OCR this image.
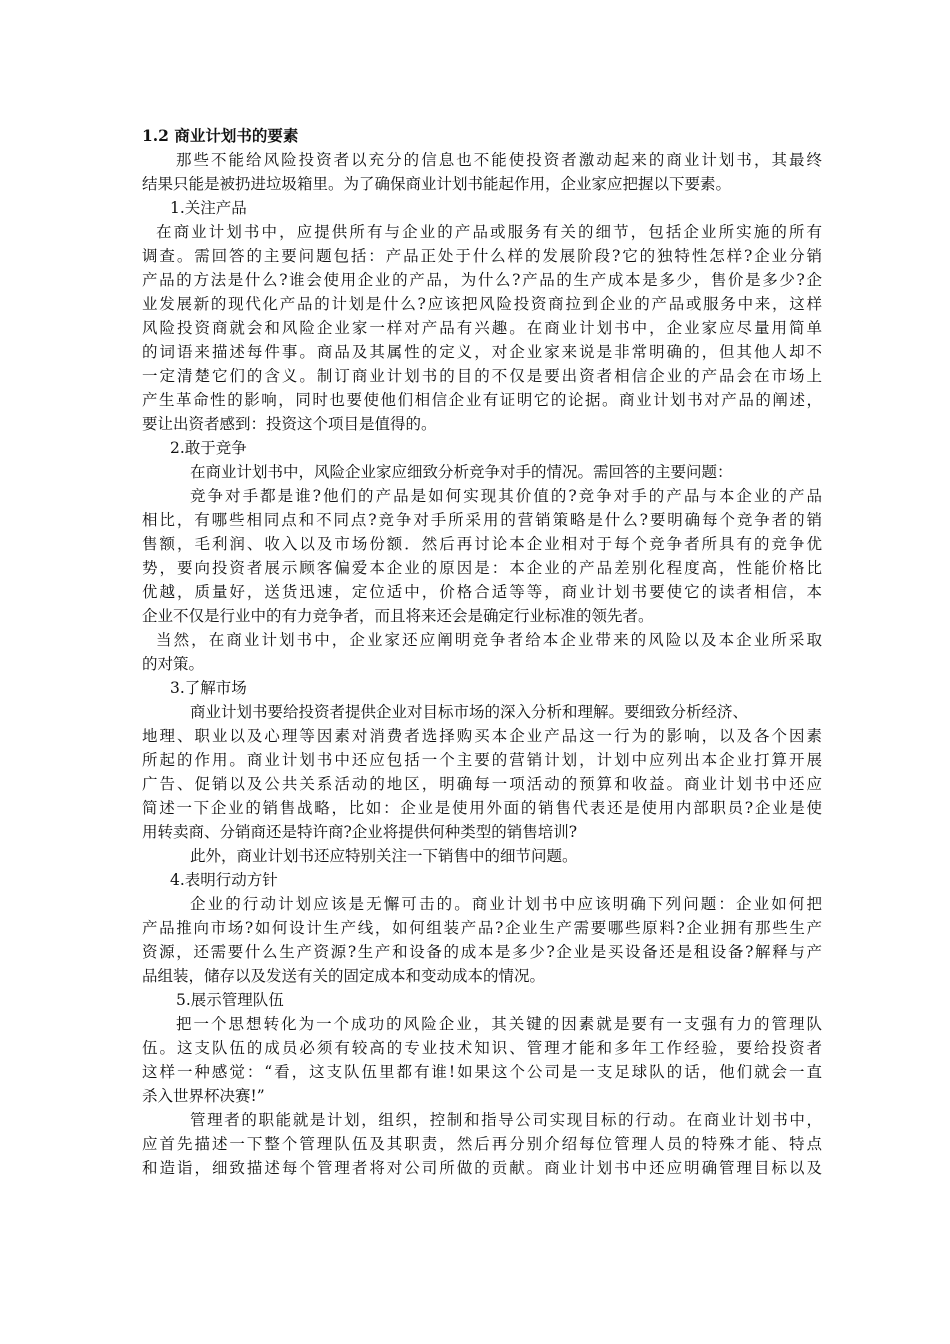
1.2 商业计划书的要素
那些不能给风险投资者以充分的信息也不能使投资者激动起来的商业计划书，其最终
结果只能是被扔进垃圾箱里。为了确保商业计划书能起作用，企业家应把握以下要素。
1.关注产品
在商业计划书中，应提供所有与企业的产品或服务有关的细节，包括企业所实施的所有
调查。需回答的主要问题包括：产品正处于什么样的发展阶段?它的独特性怎样?企业分销
产品的方法是什么?谁会使用企业的产品，为什么?产品的生产成本是多少，售价是多少?企
业发展新的现代化产品的计划是什么?应该把风险投资商拉到企业的产品或服务中来，这样
风险投资商就会和风险企业家一样对产品有兴趣。在商业计划书中，企业家应尽量用简单
的词语来描述每件事。商品及其属性的定义，对企业家来说是非常明确的，但其他人却不
一定清楚它们的含义。制订商业计划书的目的不仅是要出资者相信企业的产品会在市场上
产生革命性的影响，同时也要使他们相信企业有证明它的论据。商业计划书对产品的阐述，
要让出资者感到：投资这个项目是值得的。
2.敢于竞争
在商业计划书中，风险企业家应细致分析竞争对手的情况。需回答的主要问题：
竞争对手都是谁?他们的产品是如何实现其价值的?竞争对手的产品与本企业的产品
相比，有哪些相同点和不同点?竞争对手所采用的营销策略是什么?要明确每个竞争者的销
售额，毛利润、收入以及市场份额．然后再讨论本企业相对于每个竞争者所具有的竞争优
势，要向投资者展示顾客偏爱本企业的原因是：本企业的产品差别化程度高，性能价格比
优越，质量好，送货迅速，定位适中，价格合适等等，商业计划书要使它的读者相信，本
企业不仅是行业中的有力竞争者，而且将来还会是确定行业标准的领先者。
当然，在商业计划书中，企业家还应阐明竞争者给本企业带来的风险以及本企业所采取
的对策。
3.了解市场
商业计划书要给投资者提供企业对目标市场的深入分析和理解。要细致分析经济、
地理、职业以及心理等因素对消费者选择购买本企业产品这一行为的影响，以及各个因素
所起的作用。商业计划书中还应包括一个主要的营销计划，计划中应列出本企业打算开展
广告、促销以及公共关系活动的地区，明确每一项活动的预算和收益。商业计划书中还应
简述一下企业的销售战略，比如：企业是使用外面的销售代表还是使用内部职员?企业是使
用转卖商、分销商还是特许商?企业将提供何种类型的销售培训?
此外，商业计划书还应特别关注一下销售中的细节问题。
4.表明行动方针
企业的行动计划应该是无懈可击的。商业计划书中应该明确下列问题：企业如何把
产品推向市场?如何设计生产线，如何组装产品?企业生产需要哪些原料?企业拥有那些生产
资源，还需要什么生产资源?生产和设备的成本是多少?企业是买设备还是租设备?解释与产
品组装，储存以及发送有关的固定成本和变动成本的情况。
5.展示管理队伍
把一个思想转化为一个成功的风险企业，其关键的因素就是要有一支强有力的管理队
伍。这支队伍的成员必须有较高的专业技术知识、管理才能和多年工作经验，要给投资者
这样一种感觉：“看，这支队伍里都有谁!如果这个公司是一支足球队的话，他们就会一直
杀入世界杯决赛!”
管理者的职能就是计划，组织，控制和指导公司实现目标的行动。在商业计划书中，
应首先描述一下整个管理队伍及其职责，然后再分别介绍每位管理人员的特殊才能、特点
和造诣，细致描述每个管理者将对公司所做的贡献。商业计划书中还应明确管理目标以及
